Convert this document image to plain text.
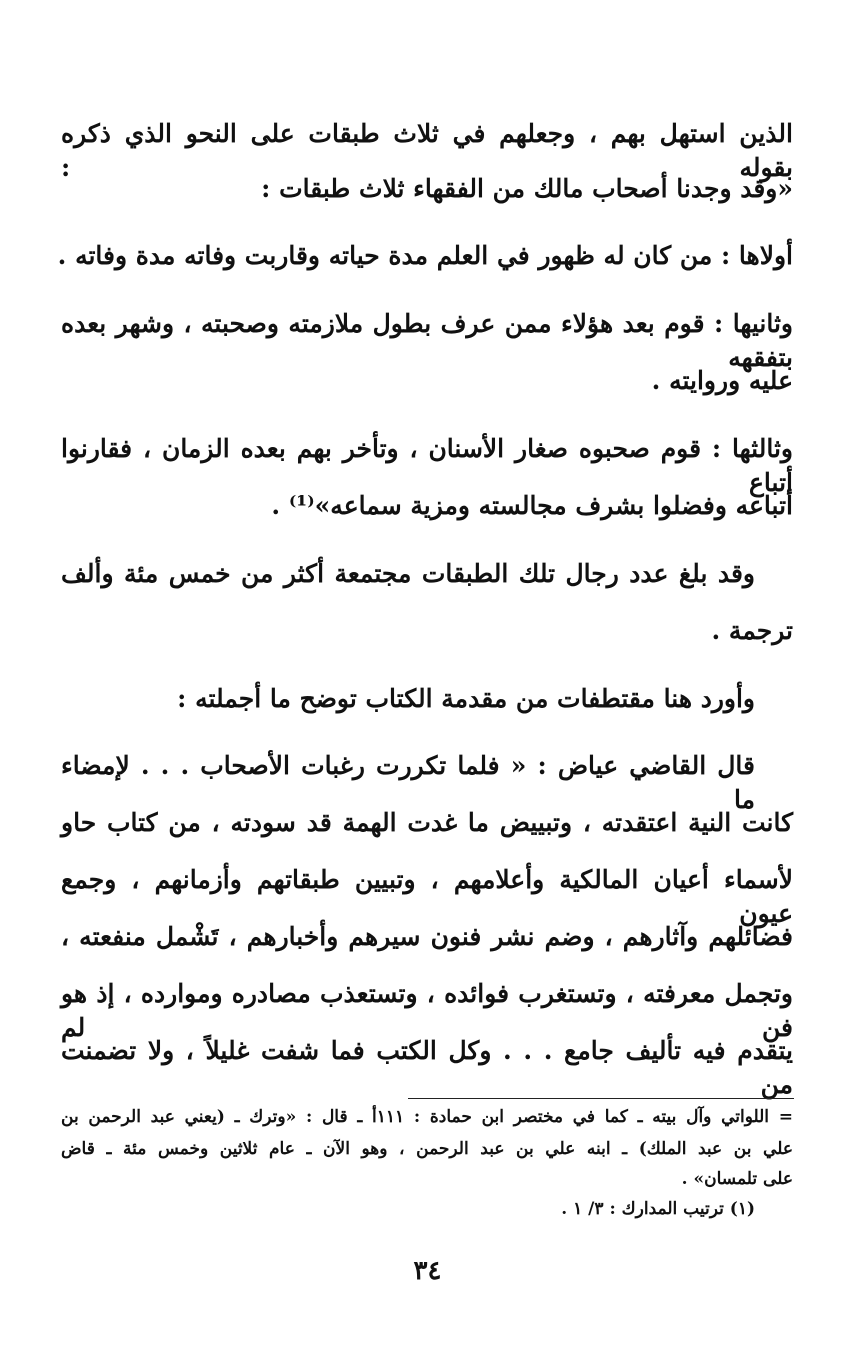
الذين استهل بهم ، وجعلهم في ثلاث طبقات على النحو الذي ذكره بقوله :
«وقد وجدنا أصحاب مالك من الفقهاء ثلاث طبقات :
أولاها : من كان له ظهور في العلم مدة حياته وقاربت وفاته مدة وفاته .
وثانيها : قوم بعد هؤلاء ممن عرف بطول ملازمته وصحبته ، وشهر بعده بتفقهه
عليه وروايته .
وثالثها : قوم صحبوه صغار الأسنان ، وتأخر بهم بعده الزمان ، فقارنوا أتباع
أتباعه وفضلوا بشرف مجالسته ومزية سماعه»⁽¹⁾ .
وقد بلغ عدد رجال تلك الطبقات مجتمعة أكثر من خمس مئة وألف
ترجمة .
وأورد هنا مقتطفات من مقدمة الكتاب توضح ما أجملته :
قال القاضي عياض : « فلما تكررت رغبات الأصحاب . . . لإمضاء ما
كانت النية اعتقدته ، وتبييض ما غدت الهمة قد سودته ، من كتاب حاو
لأسماء أعيان المالكية وأعلامهم ، وتبيين طبقاتهم وأزمانهم ، وجمع عيون
فضائلهم وآثارهم ، وضم نشر فنون سيرهم وأخبارهم ، تَشْمل منفعته ،
وتجمل معرفته ، وتستغرب فوائده ، وتستعذب مصادره وموارده ، إذ هو فن لم
يتقدم فيه تأليف جامع . . . وكل الكتب فما شفت غليلاً ، ولا تضمنت من
= اللواتي وآل بيته ـ كما في مختصر ابن حمادة : ١١١أ ـ قال : «وترك ـ (يعني عبد الرحمن بن
علي بن عبد الملك) ـ ابنه علي بن عبد الرحمن ، وهو الآن ـ عام ثلاثين وخمس مئة ـ قاض
على تلمسان» .
(١) ترتيب المدارك : ٣/ ١ .
٣٤
